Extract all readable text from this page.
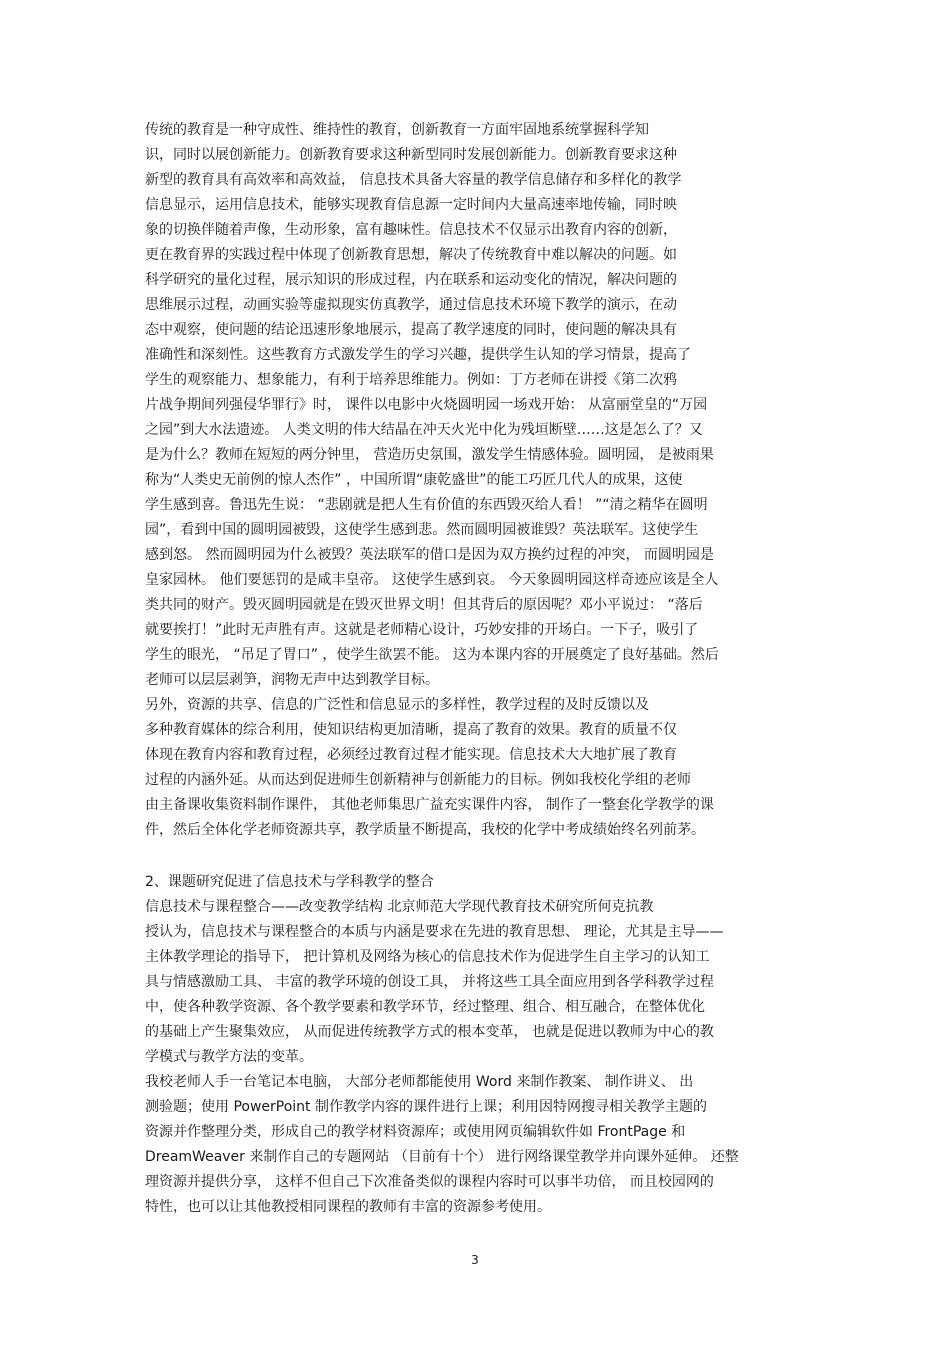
传统的教育是一种守成性、维持性的教育，创新教育一方面牢固地系统掌握科学知
识，同时以展创新能力。创新教育要求这种新型同时发展创新能力。创新教育要求这种
新型的教育具有高效率和高效益， 信息技术具备大容量的教学信息储存和多样化的教学
信息显示，运用信息技术，能够实现教育信息源一定时间内大量高速率地传输，同时映
象的切换伴随着声像，生动形象，富有趣味性。信息技术不仅显示出教育内容的创新，
更在教育界的实践过程中体现了创新教育思想，解决了传统教育中难以解决的问题。如
科学研究的量化过程，展示知识的形成过程，内在联系和运动变化的情况，解决问题的
思维展示过程，动画实验等虚拟现实仿真教学，通过信息技术环境下教学的演示，在动
态中观察，使问题的结论迅速形象地展示，提高了教学速度的同时，使问题的解决具有
准确性和深刻性。这些教育方式激发学生的学习兴趣，提供学生认知的学习情景，提高了
学生的观察能力、想象能力，有利于培养思维能力。例如：丁方老师在讲授《第二次鸦
片战争期间列强侵华罪行》时， 课件以电影中火烧圆明园一场戏开始： 从富丽堂皇的“万园
之园”到大水法遗迹。 人类文明的伟大结晶在冲天火光中化为残垣断壁……这是怎么了？又
是为什么？教师在短短的两分钟里， 营造历史氛围，激发学生情感体验。圆明园， 是被雨果
称为“人类史无前例的惊人杰作” ，中国所谓“康乾盛世”的能工巧匠几代人的成果，这使
学生感到喜。鲁迅先生说： “悲剧就是把人生有价值的东西毁灭给人看！ ”“清之精华在圆明
园”，看到中国的圆明园被毁，这使学生感到悲。然而圆明园被谁毁？英法联军。这使学生
感到怒。 然而圆明园为什么被毁？英法联军的借口是因为双方换约过程的冲突， 而圆明园是
皇家园林。 他们要惩罚的是咸丰皇帝。 这使学生感到哀。 今天象圆明园这样奇迹应该是全人
类共同的财产。毁灭圆明园就是在毁灭世界文明！但其背后的原因呢？邓小平说过： “落后
就要挨打！”此时无声胜有声。这就是老师精心设计，巧妙安排的开场白。一下子，吸引了
学生的眼光， “吊足了胃口” ，使学生欲罢不能。 这为本课内容的开展奠定了良好基础。然后
老师可以层层剥笋，润物无声中达到教学目标。
另外，资源的共享、信息的广泛性和信息显示的多样性，教学过程的及时反馈以及
多种教育媒体的综合利用，使知识结构更加清晰，提高了教育的效果。教育的质量不仅
体现在教育内容和教育过程，必须经过教育过程才能实现。信息技术大大地扩展了教育
过程的内涵外延。从而达到促进师生创新精神与创新能力的目标。例如我校化学组的老师
由主备课收集资料制作课件， 其他老师集思广益充实课件内容， 制作了一整套化学教学的课
件，然后全体化学老师资源共享，教学质量不断提高，我校的化学中考成绩始终名列前茅。
2、课题研究促进了信息技术与学科教学的整合
信息技术与课程整合——改变教学结构 北京师范大学现代教育技术研究所何克抗教
授认为，信息技术与课程整合的本质与内涵是要求在先进的教育思想、 理论，尤其是主导——
主体教学理论的指导下， 把计算机及网络为核心的信息技术作为促进学生自主学习的认知工
具与情感激励工具、 丰富的教学环境的创设工具， 并将这些工具全面应用到各学科教学过程
中，使各种教学资源、各个教学要素和教学环节，经过整理、组合、相互融合，在整体优化
的基础上产生聚集效应， 从而促进传统教学方式的根本变革， 也就是促进以教师为中心的教
学模式与教学方法的变革。
我校老师人手一台笔记本电脑， 大部分老师都能使用 Word 来制作教案、 制作讲义、 出
测验题；使用 PowerPoint 制作教学内容的课件进行上课；利用因特网搜寻相关教学主题的
资源并作整理分类，形成自己的教学材料资源库；或使用网页编辑软件如 FrontPage 和
DreamWeaver 来制作自己的专题网站 （目前有十个） 进行网络课堂教学并向课外延伸。 还整
理资源并提供分享， 这样不但自己下次准备类似的课程内容时可以事半功倍， 而且校园网的
特性，也可以让其他教授相同课程的教师有丰富的资源参考使用。
3
